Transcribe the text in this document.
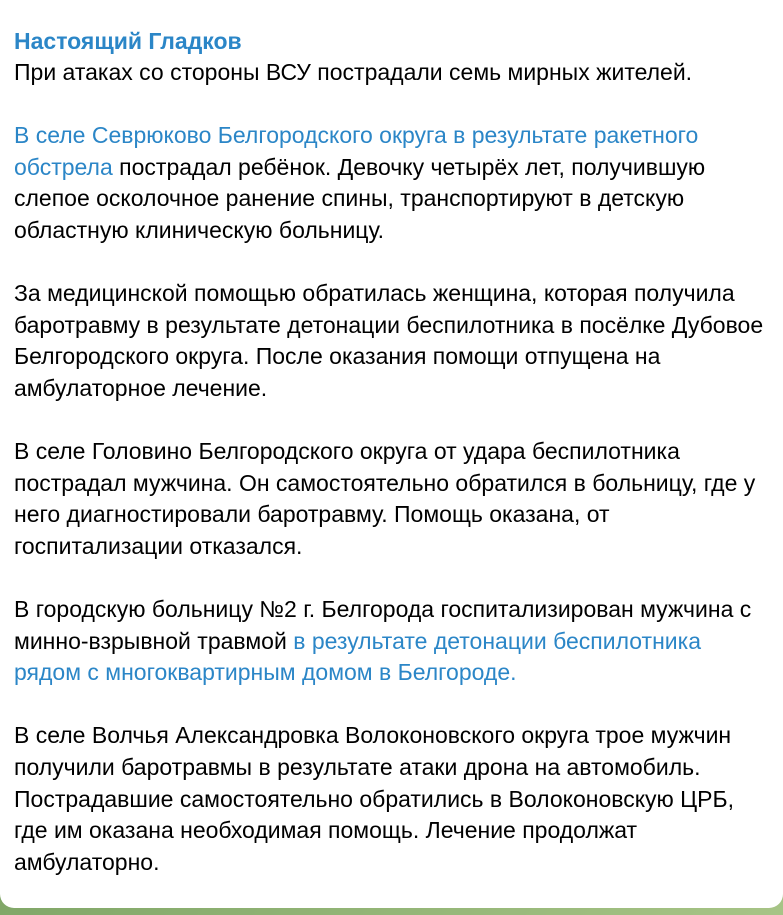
Настоящий Гладков

При атаках со стороны ВСУ пострадали семь мирных жителей.

В селе Севрюково Белгородского округа в результате ракетного обстрела пострадал ребёнок. Девочку четырёх лет, получившую слепое осколочное ранение спины, транспортируют в детскую областную клиническую больницу.

За медицинской помощью обратилась женщина, которая получила баротравму в результате детонации беспилотника в посёлке Дубовое Белгородского округа. После оказания помощи отпущена на амбулаторное лечение.

В селе Головино Белгородского округа от удара беспилотника пострадал мужчина. Он самостоятельно обратился в больницу, где у него диагностировали баротравму. Помощь оказана, от госпитализации отказался.

В городскую больницу №2 г. Белгорода госпитализирован мужчина с минно-взрывной травмой в результате детонации беспилотника рядом с многоквартирным домом в Белгороде.

В селе Волчья Александровка Волоконовского округа трое мужчин получили баротравмы в результате атаки дрона на автомобиль. Пострадавшие самостоятельно обратились в Волоконовскую ЦРБ, где им оказана необходимая помощь. Лечение продолжат амбулаторно.
